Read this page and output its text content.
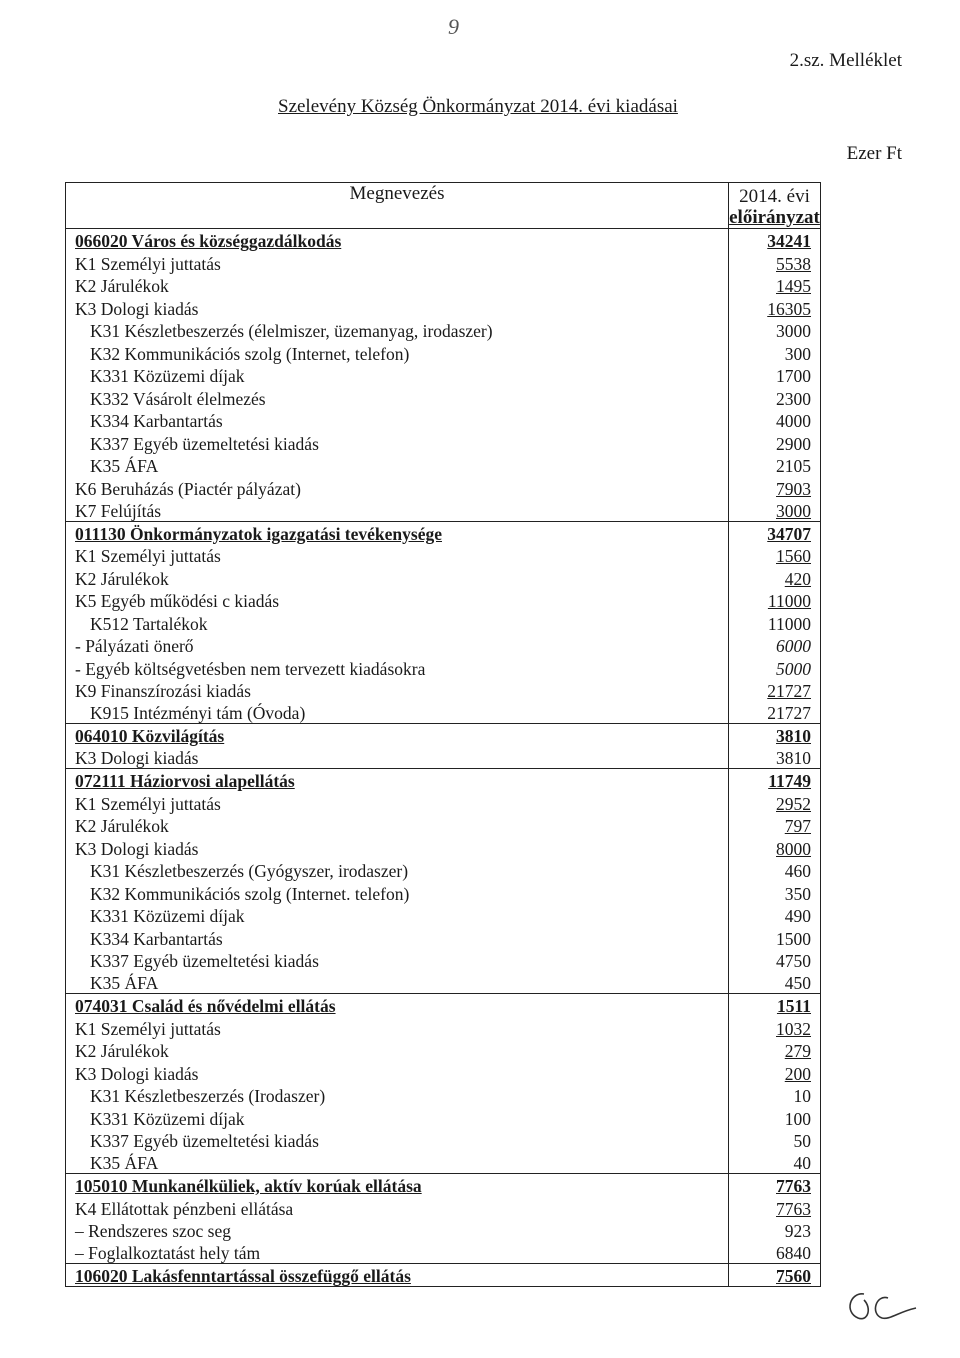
9
2.sz. Melléklet
Szelevény Község Önkormányzat 2014. évi kiadásai
Ezer Ft
Megnevezés	2014. évi
előirányzat

066020 Város és községgazdálkodás	34241
K1 Személyi juttatás	5538
K2 Járulékok	1495
K3 Dologi kiadás	16305
K31 Készletbeszerzés (élelmiszer, üzemanyag, irodaszer)	3000
K32 Kommunikációs szolg (Internet, telefon)	300
K331 Közüzemi díjak	1700
K332 Vásárolt élelmezés	2300
K334 Karbantartás	4000
K337 Egyéb üzemeltetési kiadás	2900
K35 ÁFA	2105
K6 Beruházás (Piactér pályázat)	7903
K7 Felújítás	3000
011130 Önkormányzatok igazgatási tevékenysége	34707
K1 Személyi juttatás	1560
K2 Járulékok	420
K5 Egyéb működési c kiadás	11000
K512 Tartalékok	11000
- Pályázati önerő	6000
- Egyéb költségvetésben nem tervezett kiadásokra	5000
K9 Finanszírozási kiadás	21727
K915 Intézményi tám (Óvoda)	21727
064010 Közvilágítás	3810
K3 Dologi kiadás	3810
072111 Háziorvosi alapellátás	11749
K1 Személyi juttatás	2952
K2 Járulékok	797
K3 Dologi kiadás	8000
K31 Készletbeszerzés (Gyógyszer, irodaszer)	460
K32 Kommunikációs szolg (Internet. telefon)	350
K331 Közüzemi díjak	490
K334 Karbantartás	1500
K337 Egyéb üzemeltetési kiadás	4750
K35 ÁFA	450
074031 Család és nővédelmi ellátás	1511
K1 Személyi juttatás	1032
K2 Járulékok	279
K3 Dologi kiadás	200
K31 Készletbeszerzés (Irodaszer)	10
K331 Közüzemi díjak	100
K337 Egyéb üzemeltetési kiadás	50
K35 ÁFA	40
105010 Munkanélküliek, aktív korúak ellátása	7763
K4 Ellátottak pénzbeni ellátása	7763
– Rendszeres szoc seg	923
– Foglalkoztatást hely tám	6840
106020 Lakásfenntartással összefüggő ellátás	7560
